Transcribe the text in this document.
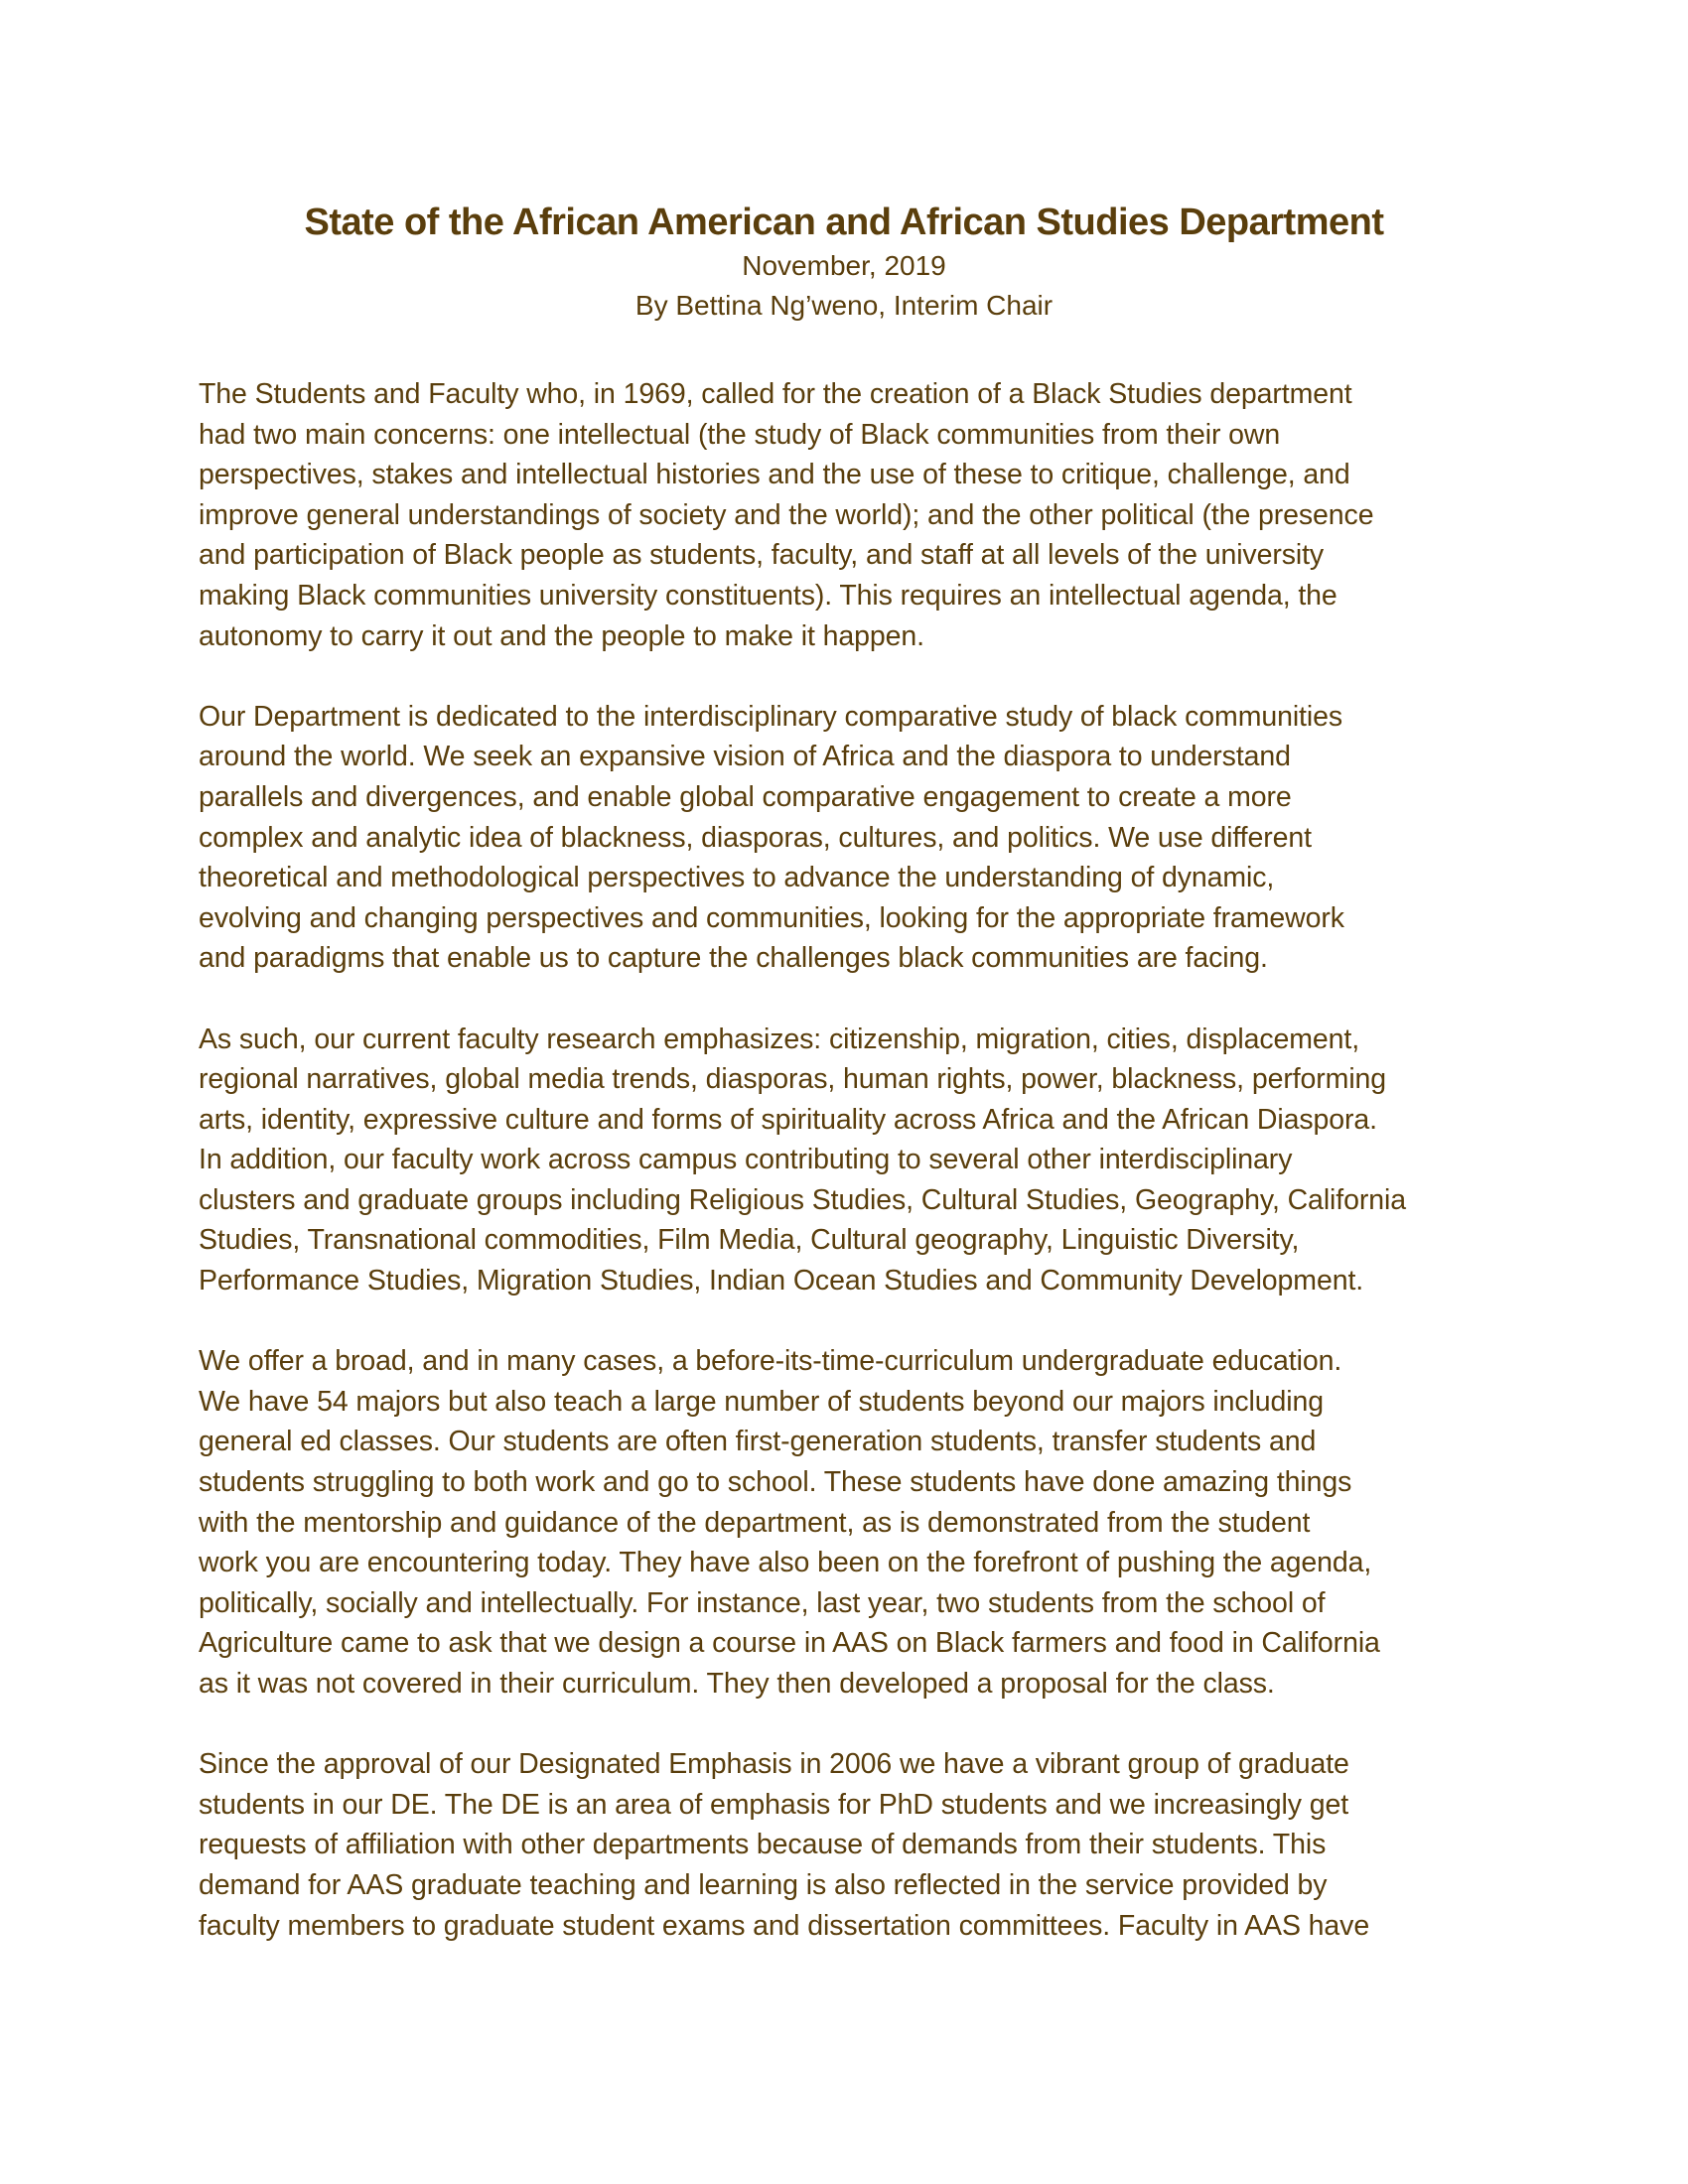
State of the African American and African Studies Department

November, 2019

By Bettina Ng’weno, Interim Chair

The Students and Faculty who, in 1969, called for the creation of a Black Studies department
had two main concerns: one intellectual (the study of Black communities from their own
perspectives, stakes and intellectual histories and the use of these to critique, challenge, and
improve general understandings of society and the world); and the other political (the presence
and participation of Black people as students, faculty, and staff at all levels of the university
making Black communities university constituents). This requires an intellectual agenda, the
autonomy to carry it out and the people to make it happen.

Our Department is dedicated to the interdisciplinary comparative study of black communities
around the world. We seek an expansive vision of Africa and the diaspora to understand
parallels and divergences, and enable global comparative engagement to create a more
complex and analytic idea of blackness, diasporas, cultures, and politics. We use different
theoretical and methodological perspectives to advance the understanding of dynamic,
evolving and changing perspectives and communities, looking for the appropriate framework
and paradigms that enable us to capture the challenges black communities are facing.

As such, our current faculty research emphasizes: citizenship, migration, cities, displacement,
regional narratives, global media trends, diasporas, human rights, power, blackness, performing
arts, identity, expressive culture and forms of spirituality across Africa and the African Diaspora.
In addition, our faculty work across campus contributing to several other interdisciplinary
clusters and graduate groups including Religious Studies, Cultural Studies, Geography, California
Studies, Transnational commodities, Film Media, Cultural geography, Linguistic Diversity,
Performance Studies, Migration Studies, Indian Ocean Studies and Community Development.

We offer a broad, and in many cases, a before-its-time-curriculum undergraduate education.
We have 54 majors but also teach a large number of students beyond our majors including
general ed classes. Our students are often first-generation students, transfer students and
students struggling to both work and go to school. These students have done amazing things
with the mentorship and guidance of the department, as is demonstrated from the student
work you are encountering today. They have also been on the forefront of pushing the agenda,
politically, socially and intellectually. For instance, last year, two students from the school of
Agriculture came to ask that we design a course in AAS on Black farmers and food in California
as it was not covered in their curriculum. They then developed a proposal for the class.

Since the approval of our Designated Emphasis in 2006 we have a vibrant group of graduate
students in our DE. The DE is an area of emphasis for PhD students and we increasingly get
requests of affiliation with other departments because of demands from their students. This
demand for AAS graduate teaching and learning is also reflected in the service provided by
faculty members to graduate student exams and dissertation committees. Faculty in AAS have
